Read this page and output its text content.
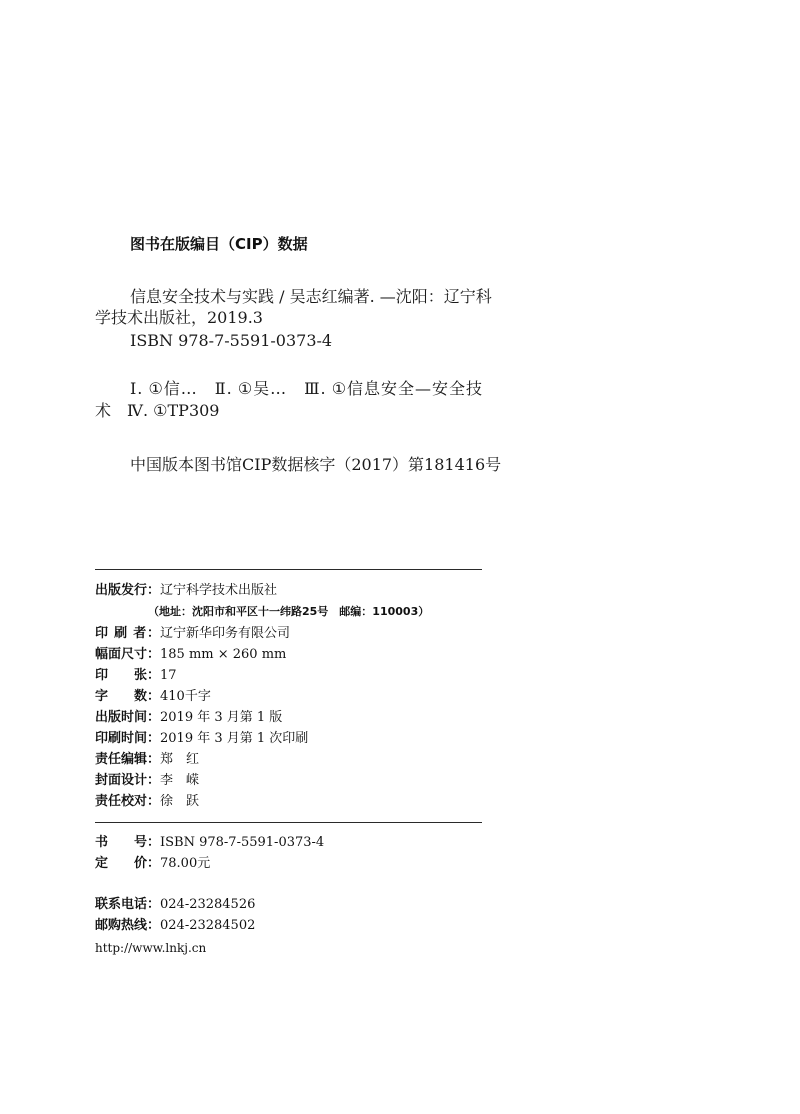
图书在版编目（CIP）数据
信息安全技术与实践 / 吴志红编著. —沈阳：辽宁科
学技术出版社，2019.3
ISBN 978-7-5591-0373-4
Ⅰ. ①信…　Ⅱ. ①吴…　Ⅲ. ①信息安全—安全技
术　Ⅳ. ①TP309
中国版本图书馆CIP数据核字（2017）第181416号
出版发行：辽宁科学技术出版社
（地址：沈阳市和平区十一纬路25号　邮编：110003）
印 刷 者：辽宁新华印务有限公司
幅面尺寸：185 mm × 260 mm
印　　张：17
字　　数：410千字
出版时间：2019 年 3 月第 1 版
印刷时间：2019 年 3 月第 1 次印刷
责任编辑：郑　红
封面设计：李　嵘
责任校对：徐　跃
书　　号：ISBN 978-7-5591-0373-4
定　　价：78.00元
联系电话：024-23284526
邮购热线：024-23284502
http://www.lnkj.cn
